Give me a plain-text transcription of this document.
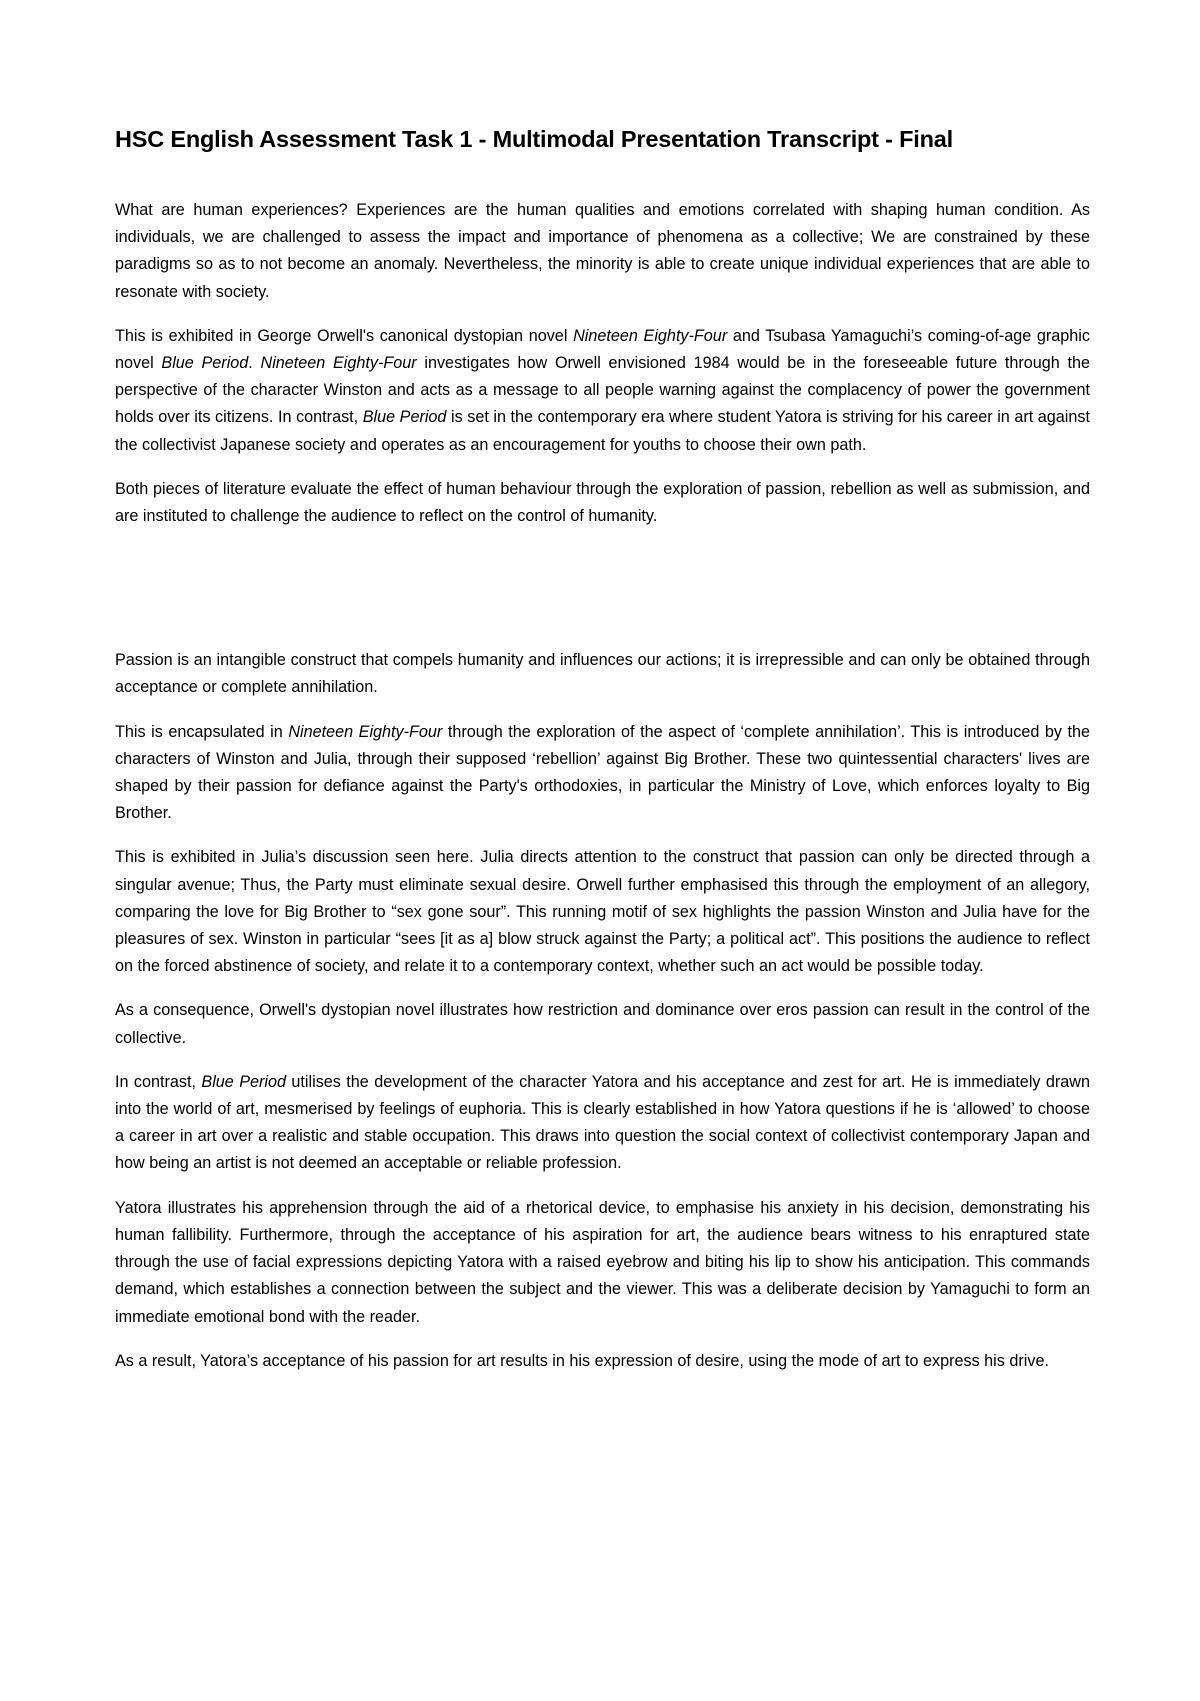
HSC English Assessment Task 1 - Multimodal Presentation Transcript - Final

What are human experiences? Experiences are the human qualities and emotions correlated with shaping human condition. As individuals, we are challenged to assess the impact and importance of phenomena as a collective; We are constrained by these paradigms so as to not become an anomaly. Nevertheless, the minority is able to create unique individual experiences that are able to resonate with society.

This is exhibited in George Orwell's canonical dystopian novel Nineteen Eighty-Four and Tsubasa Yamaguchi’s coming-of-age graphic novel Blue Period. Nineteen Eighty-Four investigates how Orwell envisioned 1984 would be in the foreseeable future through the perspective of the character Winston and acts as a message to all people warning against the complacency of power the government holds over its citizens. In contrast, Blue Period is set in the contemporary era where student Yatora is striving for his career in art against the collectivist Japanese society and operates as an encouragement for youths to choose their own path.

Both pieces of literature evaluate the effect of human behaviour through the exploration of passion, rebellion as well as submission, and are instituted to challenge the audience to reflect on the control of humanity.

Passion is an intangible construct that compels humanity and influences our actions; it is irrepressible and can only be obtained through acceptance or complete annihilation.

This is encapsulated in Nineteen Eighty-Four through the exploration of the aspect of ‘complete annihilation’. This is introduced by the characters of Winston and Julia, through their supposed ‘rebellion’ against Big Brother. These two quintessential characters' lives are shaped by their passion for defiance against the Party's orthodoxies, in particular the Ministry of Love, which enforces loyalty to Big Brother.

This is exhibited in Julia’s discussion seen here. Julia directs attention to the construct that passion can only be directed through a singular avenue; Thus, the Party must eliminate sexual desire. Orwell further emphasised this through the employment of an allegory, comparing the love for Big Brother to “sex gone sour”. This running motif of sex highlights the passion Winston and Julia have for the pleasures of sex. Winston in particular “sees [it as a] blow struck against the Party; a political act”. This positions the audience to reflect on the forced abstinence of society, and relate it to a contemporary context, whether such an act would be possible today.

As a consequence, Orwell's dystopian novel illustrates how restriction and dominance over eros passion can result in the control of the collective.

In contrast, Blue Period utilises the development of the character Yatora and his acceptance and zest for art. He is immediately drawn into the world of art, mesmerised by feelings of euphoria. This is clearly established in how Yatora questions if he is ‘allowed’ to choose a career in art over a realistic and stable occupation. This draws into question the social context of collectivist contemporary Japan and how being an artist is not deemed an acceptable or reliable profession.

Yatora illustrates his apprehension through the aid of a rhetorical device, to emphasise his anxiety in his decision, demonstrating his human fallibility. Furthermore, through the acceptance of his aspiration for art, the audience bears witness to his enraptured state through the use of facial expressions depicting Yatora with a raised eyebrow and biting his lip to show his anticipation. This commands demand, which establishes a connection between the subject and the viewer. This was a deliberate decision by Yamaguchi to form an immediate emotional bond with the reader.

As a result, Yatora’s acceptance of his passion for art results in his expression of desire, using the mode of art to express his drive.
